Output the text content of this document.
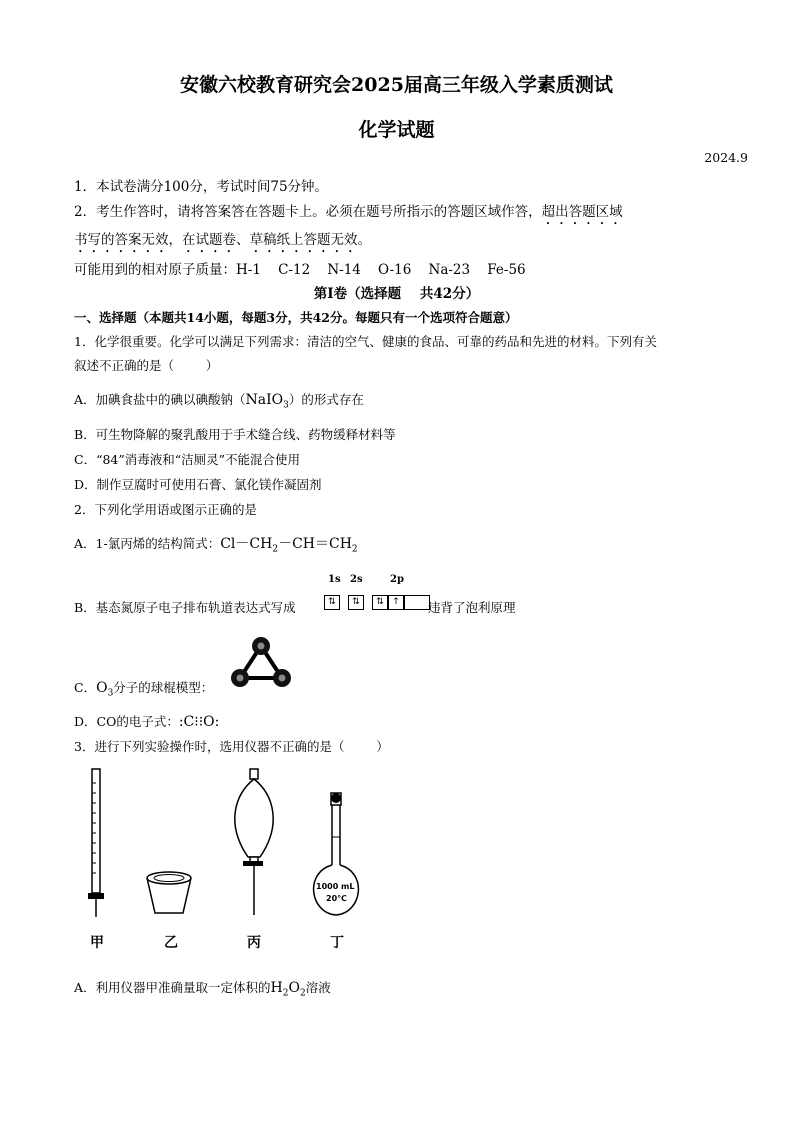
安徽六校教育研究会2025届高三年级入学素质测试
化学试题
2024.9
1．本试卷满分100分，考试时间75分钟。
2．考生作答时，请将答案答在答题卡上。必须在题号所指示的答题区域作答，超出答题区域
书写的答案无效，在试题卷、草稿纸上答题无效。
可能用到的相对原子质量：H-1    C-12    N-14    O-16    Na-23    Fe-56
第Ⅰ卷（选择题    共42分）
一、选择题（本题共14小题，每题3分，共42分。每题只有一个选项符合题意）
1．化学很重要。化学可以满足下列需求：清洁的空气、健康的食品、可靠的药品和先进的材料。下列有关
叙述不正确的是（        ）
A．加碘食盐中的碘以碘酸钠（NaIO$_3$）的形式存在
B．可生物降解的聚乳酸用于手术缝合线、药物缓释材料等
C．“84”消毒液和“洁厕灵”不能混合使用
D．制作豆腐时可使用石膏、氯化镁作凝固剂
2．下列化学用语或图示正确的是
A．1-氯丙烯的结构简式：$Cl-CH_2-CH=CH_2$
B．基态氮原子电子排布轨道表达式写成
1s 2s	2p
⇅	⇅	⇅ ↑	违背了泡利原理
C．$O_3$分子的球棍模型：
D．CO的电子式：:C⁝⁝O:
3．进行下列实验操作时，选用仪器不正确的是（        ）
1000 mL
20℃
甲	乙	丙	丁
A．利用仪器甲准确量取一定体积的$H_2O_2$溶液
